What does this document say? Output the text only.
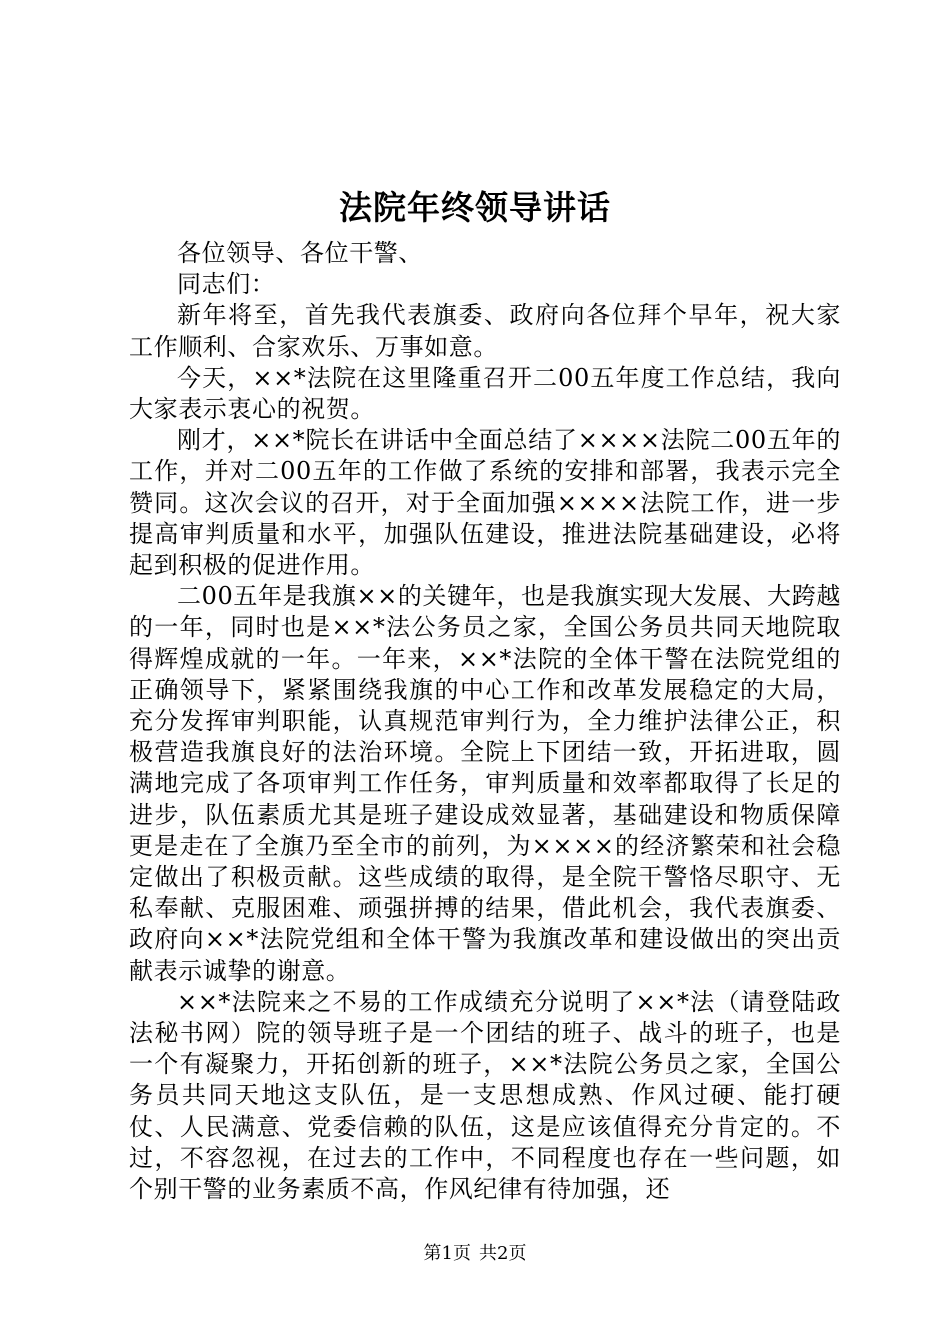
法院年终领导讲话

各位领导、各位干警、

同志们：

新年将至，首先我代表旗委、政府向各位拜个早年，祝大家工作顺利、合家欢乐、万事如意。

今天，××*法院在这里隆重召开二00五年度工作总结，我向大家表示衷心的祝贺。

刚才，××*院长在讲话中全面总结了××××法院二00五年的工作，并对二00五年的工作做了系统的安排和部署，我表示完全赞同。这次会议的召开，对于全面加强××××法院工作，进一步提高审判质量和水平，加强队伍建设，推进法院基础建设，必将起到积极的促进作用。

二00五年是我旗××的关键年，也是我旗实现大发展、大跨越的一年，同时也是××*法公务员之家，全国公务员共同天地院取得辉煌成就的一年。一年来，××*法院的全体干警在法院党组的正确领导下，紧紧围绕我旗的中心工作和改革发展稳定的大局，充分发挥审判职能，认真规范审判行为，全力维护法律公正，积极营造我旗良好的法治环境。全院上下团结一致，开拓进取，圆满地完成了各项审判工作任务，审判质量和效率都取得了长足的进步，队伍素质尤其是班子建设成效显著，基础建设和物质保障更是走在了全旗乃至全市的前列，为××××的经济繁荣和社会稳定做出了积极贡献。这些成绩的取得，是全院干警恪尽职守、无私奉献、克服困难、顽强拼搏的结果，借此机会，我代表旗委、政府向××*法院党组和全体干警为我旗改革和建设做出的突出贡献表示诚挚的谢意。

××*法院来之不易的工作成绩充分说明了××*法（请登陆政法秘书网）院的领导班子是一个团结的班子、战斗的班子，也是一个有凝聚力，开拓创新的班子，××*法院公务员之家，全国公务员共同天地这支队伍，是一支思想成熟、作风过硬、能打硬仗、人民满意、党委信赖的队伍，这是应该值得充分肯定的。不过，不容忽视，在过去的工作中，不同程度也存在一些问题，如个别干警的业务素质不高，作风纪律有待加强，还

第1页 共2页
